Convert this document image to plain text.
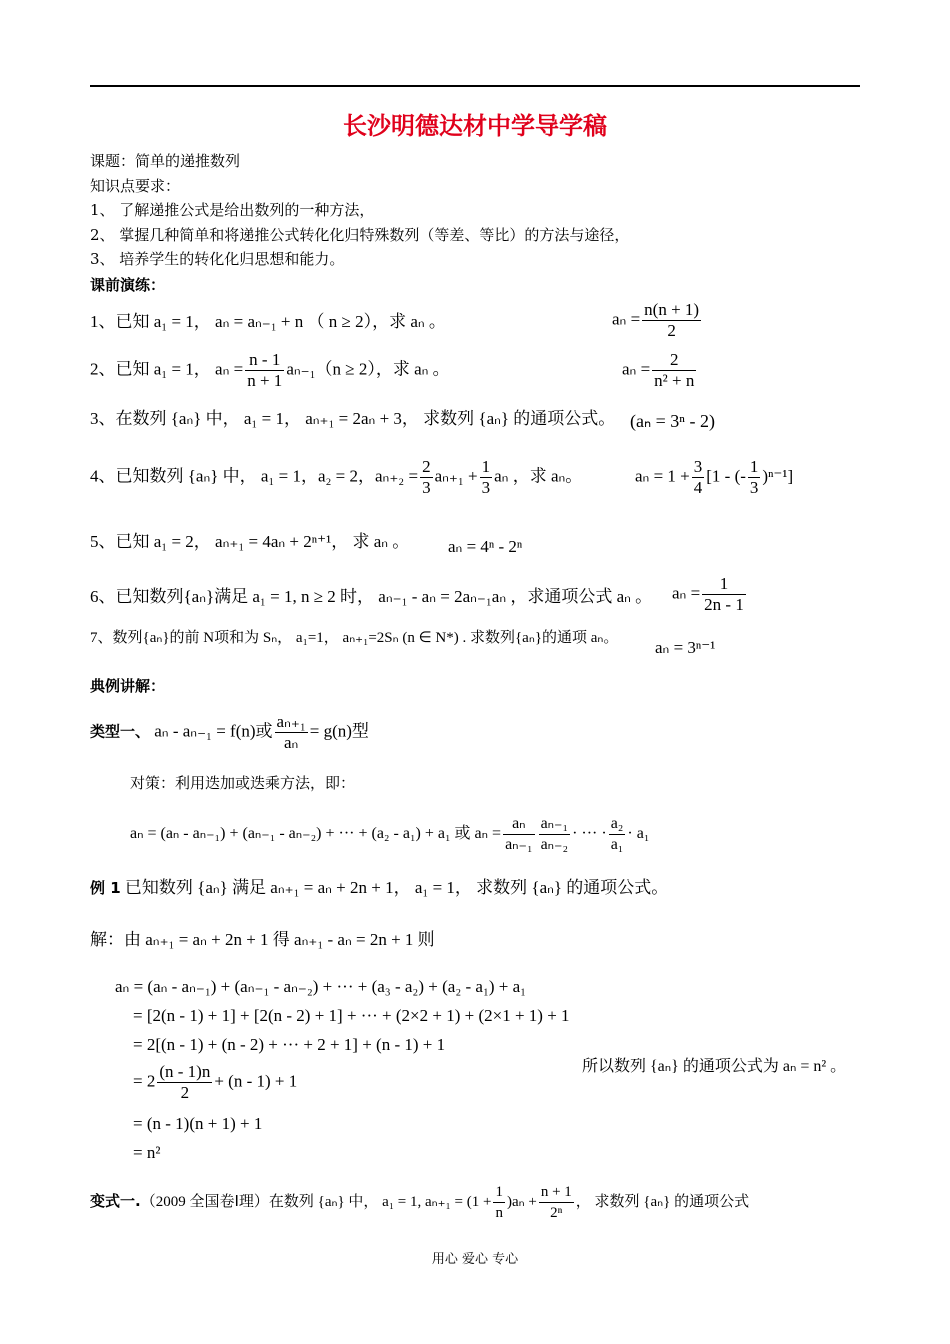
长沙明德达材中学导学稿
课题：简单的递推数列
知识点要求：
1、 了解递推公式是给出数列的一种方法，
2、 掌握几种简单和将递推公式转化化归特殊数列（等差、等比）的方法与途径，
3、 培养学生的转化化归思想和能力。
课前演练：
1、已知 a₁ = 1， aₙ = aₙ₋₁ + n （ n ≥ 2），求 aₙ 。	$a_n = \frac{n(n + 1)}{2}$
2、已知 a₁ = 1， $a_n = \frac{n - 1}{n + 1} a_{n-1}(n \ge 2)$，求 aₙ 。	$a_n = \frac{2}{\text{n² + n}}$
3、在数列 {aₙ} 中， a₁ = 1， aₙ₊₁ = 2aₙ + 3， 求数列 {aₙ} 的通项公式。 (aₙ = 3ⁿ - 2)
4、已知数列 {aₙ} 中， a₁ = 1，a₂ = 2，$a_{n+2} = \frac{2}{3} a_{n+1} + \frac{1}{3}$ aₙ ，求 aₙ。	$a_n = 1 + \frac{3}{4} [1$ - (- $\frac{1}{3} )^{n-1}$]
5、已知 a₁ = 2， aₙ₊₁ = 4aₙ + 2ⁿ⁺¹， 求 aₙ 。 aₙ = 4ⁿ - 2ⁿ
6、已知数列{aₙ}满足 a₁ = 1, n ≥ 2 时， aₙ₋₁ - aₙ = 2aₙ₋₁aₙ ，求通项公式 aₙ 。 $a_n = \frac{1}{2n - 1}$
7、数列{aₙ}的前 N项和为 Sₙ， a₁=1， aₙ₊₁=2Sₙ (n ∈ N*) . 求数列{aₙ}的通项 aₙ。 aₙ = 3ⁿ⁻¹
典例讲解：
类型一、 aₙ - aₙ₋₁ = f(n)或 $\frac{\text{aₙ₊₁}}{\text{aₙ}} = g(n)$型
对策：利用迭加或迭乘方法，即：
aₙ = (aₙ - aₙ₋₁) + (aₙ₋₁ - aₙ₋₂) + ··· + (a₂ - a₁) + a₁ 或 $a_n = \frac{\text{aₙ}}{\text{aₙ₋₁}} \frac{\text{aₙ₋₁}}{\text{aₙ₋₂}}$ · ··· · $\frac{\text{a₂}}{\text{a₁}} \cdot a_1$
例 1 已知数列 {aₙ} 满足 aₙ₊₁ = aₙ + 2n + 1， a₁ = 1， 求数列 {aₙ} 的通项公式。
解：由 aₙ₊₁ = aₙ + 2n + 1 得 aₙ₊₁ - aₙ = 2n + 1 则
aₙ = (aₙ - aₙ₋₁) + (aₙ₋₁ - aₙ₋₂) + ··· + (a₃ - a₂) + (a₂ - a₁) + a₁
= [2(n - 1) + 1] + [2(n - 2) + 1] + ··· + (2×2 + 1) + (2×1 + 1) + 1
= 2[(n - 1) + (n - 2) + ··· + 2 + 1] + (n - 1) + 1
= $2 \frac{(n - 1)n}{2} + (n - 1) + 1$
= (n - 1)(n + 1) + 1
= n²
所以数列 {aₙ} 的通项公式为 aₙ = n² 。
变式一.（2009 全国卷Ⅰ理）在数列 {aₙ} 中， a₁ = 1, $a_{n+1} = (1 + \frac{1}{n} )a_n + \frac{n + 1}{\text{2ⁿ}}$ ， 求数列 {aₙ} 的通项公式
用心 爱心 专心
